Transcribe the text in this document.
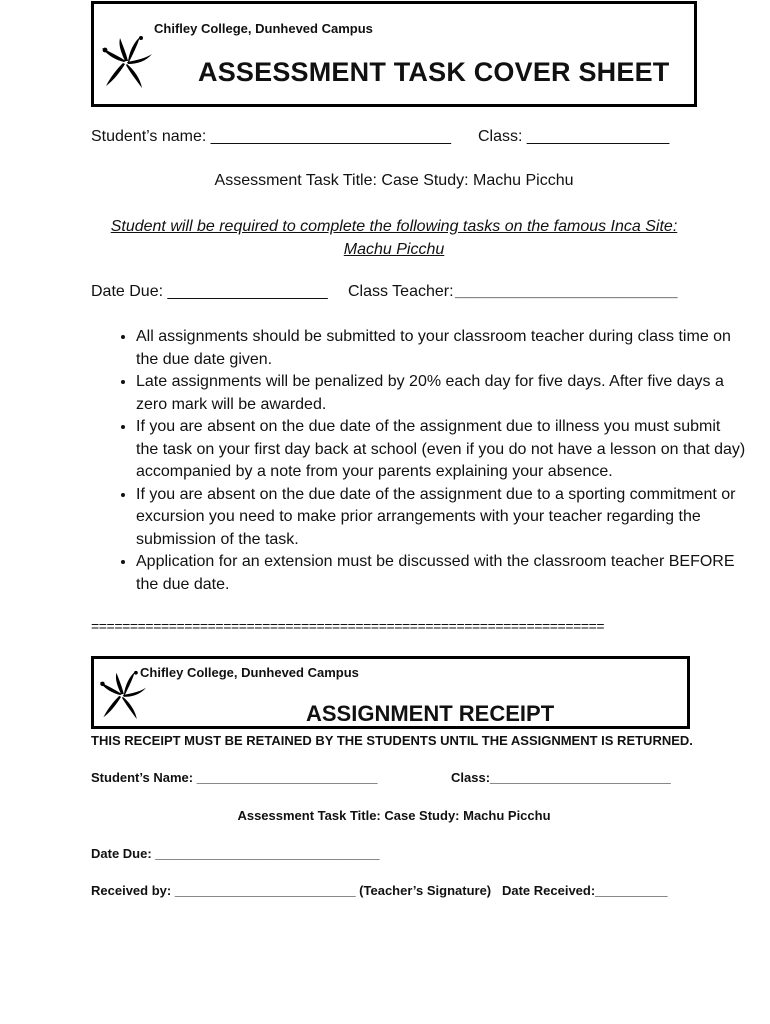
Chifley College, Dunheved Campus
ASSESSMENT TASK COVER SHEET
Student’s name: ___________________________ Class: ________________
Assessment Task Title: Case Study: Machu Picchu
Student will be required to complete the following tasks on the famous Inca Site:
Machu Picchu
Date Due: __________________ Class Teacher: _________________________
• All assignments should be submitted to your classroom teacher during class time on the due date given.
• Late assignments will be penalized by 20% each day for five days. After five days a zero mark will be awarded.
• If you are absent on the due date of the assignment due to illness you must submit the task on your first day back at school (even if you do not have a lesson on that day) accompanied by a note from your parents explaining your absence.
• If you are absent on the due date of the assignment due to a sporting commitment or excursion you need to make prior arrangements with your teacher regarding the submission of the task.
• Application for an extension must be discussed with the classroom teacher BEFORE the due date.
==================================================================
Chifley College, Dunheved Campus
ASSIGNMENT RECEIPT
THIS RECEIPT MUST BE RETAINED BY THE STUDENTS UNTIL THE ASSIGNMENT IS RETURNED.
Student’s Name: _________________________	Class:_________________________
Assessment Task Title: Case Study: Machu Picchu
Date Due: _______________________________
Received by: _________________________ (Teacher’s Signature)   Date Received:__________
